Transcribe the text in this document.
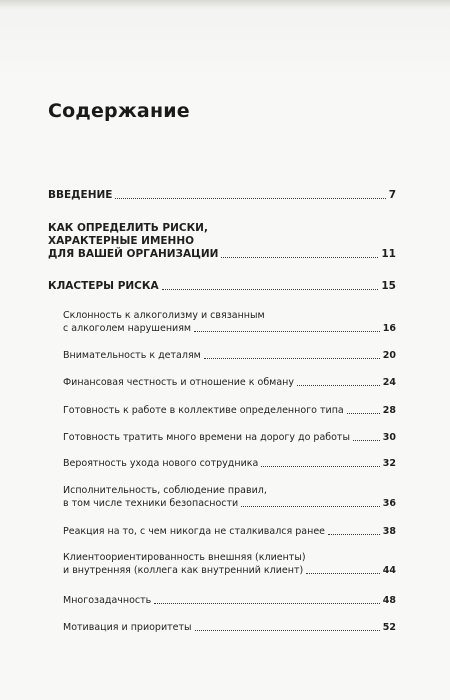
Содержание
ВВЕДЕНИЕ	7
КАК ОПРЕДЕЛИТЬ РИСКИ,
ХАРАКТЕРНЫЕ ИМЕННО
ДЛЯ ВАШЕЙ ОРГАНИЗАЦИИ	11
КЛАСТЕРЫ РИСКА	15
Склонность к алкоголизму и связанным
с алкоголем нарушениям	16
Внимательность к деталям	20
Финансовая честность и отношение к обману	24
Готовность к работе в коллективе определенного типа	28
Готовность тратить много времени на дорогу до работы	30
Вероятность ухода нового сотрудника	32
Исполнительность, соблюдение правил,
в том числе техники безопасности	36
Реакция на то, с чем никогда не сталкивался ранее	38
Клиентоориентированность внешняя (клиенты)
и внутренняя (коллега как внутренний клиент)	44
Многозадачность	48
Мотивация и приоритеты	52
